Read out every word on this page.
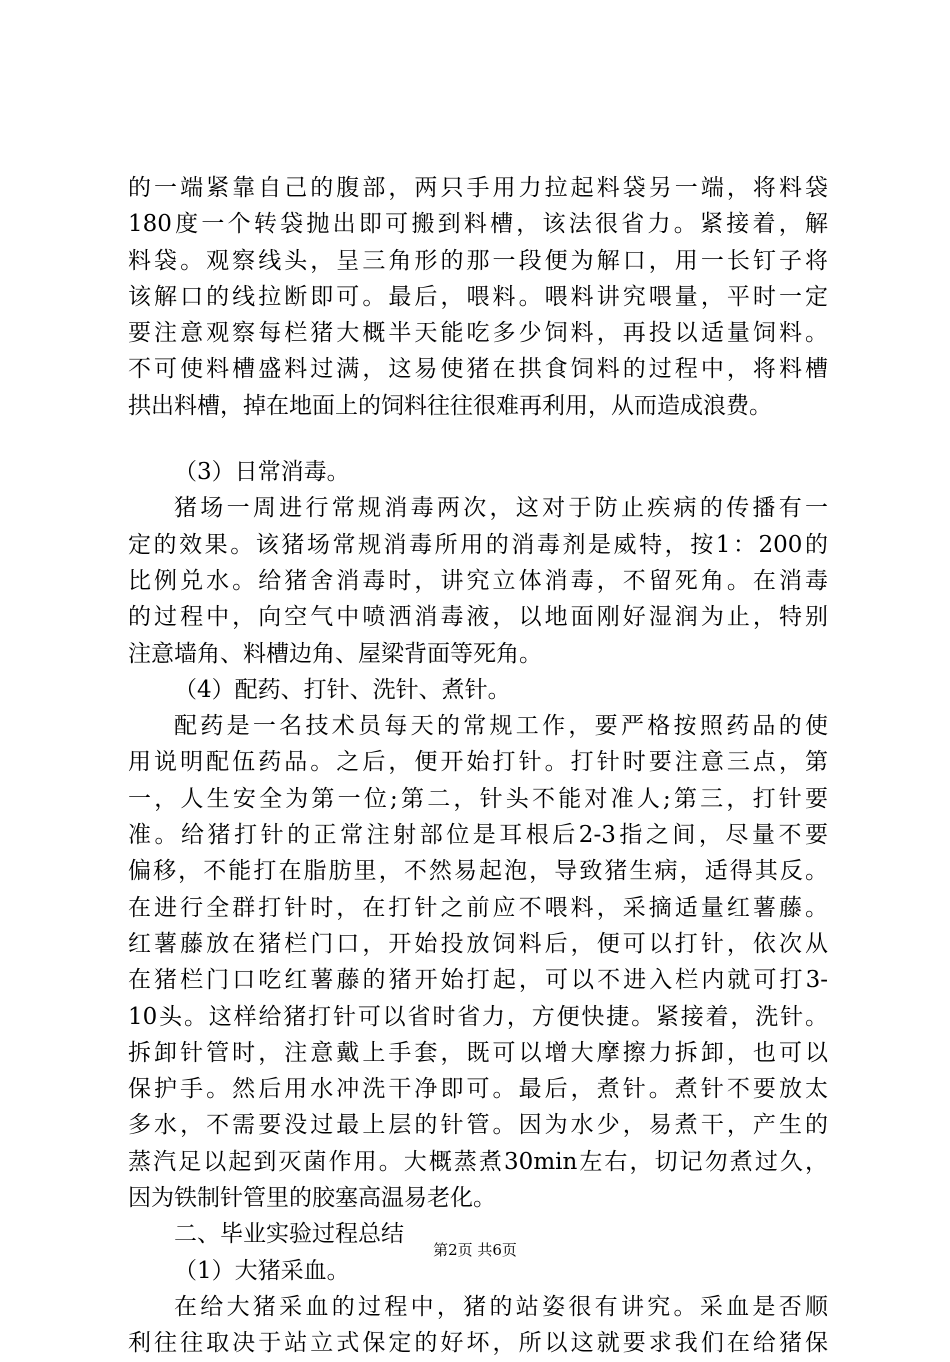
的一端紧靠自己的腹部，两只手用力拉起料袋另一端，将料袋
180度一个转袋抛出即可搬到料槽，该法很省力。紧接着，解
料袋。观察线头，呈三角形的那一段便为解口，用一长钉子将
该解口的线拉断即可。最后，喂料。喂料讲究喂量，平时一定
要注意观察每栏猪大概半天能吃多少饲料，再投以适量饲料。
不可使料槽盛料过满，这易使猪在拱食饲料的过程中，将料槽
拱出料槽，掉在地面上的饲料往往很难再利用，从而造成浪费。
（3）日常消毒。
猪场一周进行常规消毒两次，这对于防止疾病的传播有一
定的效果。该猪场常规消毒所用的消毒剂是威特，按1：200的
比例兑水。给猪舍消毒时，讲究立体消毒，不留死角。在消毒
的过程中，向空气中喷洒消毒液，以地面刚好湿润为止，特别
注意墙角、料槽边角、屋梁背面等死角。
（4）配药、打针、洗针、煮针。
配药是一名技术员每天的常规工作，要严格按照药品的使
用说明配伍药品。之后，便开始打针。打针时要注意三点，第
一，人生安全为第一位;第二，针头不能对准人;第三，打针要
准。给猪打针的正常注射部位是耳根后2-3指之间，尽量不要
偏移，不能打在脂肪里，不然易起泡，导致猪生病，适得其反。
在进行全群打针时，在打针之前应不喂料，采摘适量红薯藤。
红薯藤放在猪栏门口，开始投放饲料后，便可以打针，依次从
在猪栏门口吃红薯藤的猪开始打起，可以不进入栏内就可打3-
10头。这样给猪打针可以省时省力，方便快捷。紧接着，洗针。
拆卸针管时，注意戴上手套，既可以增大摩擦力拆卸，也可以
保护手。然后用水冲洗干净即可。最后，煮针。煮针不要放太
多水，不需要没过最上层的针管。因为水少，易煮干，产生的
蒸汽足以起到灭菌作用。大概蒸煮30min左右，切记勿煮过久，
因为铁制针管里的胶塞高温易老化。
二、毕业实验过程总结
（1）大猪采血。
在给大猪采血的过程中，猪的站姿很有讲究。采血是否顺
利往往取决于站立式保定的好坏，所以这就要求我们在给猪保
第2页 共6页
